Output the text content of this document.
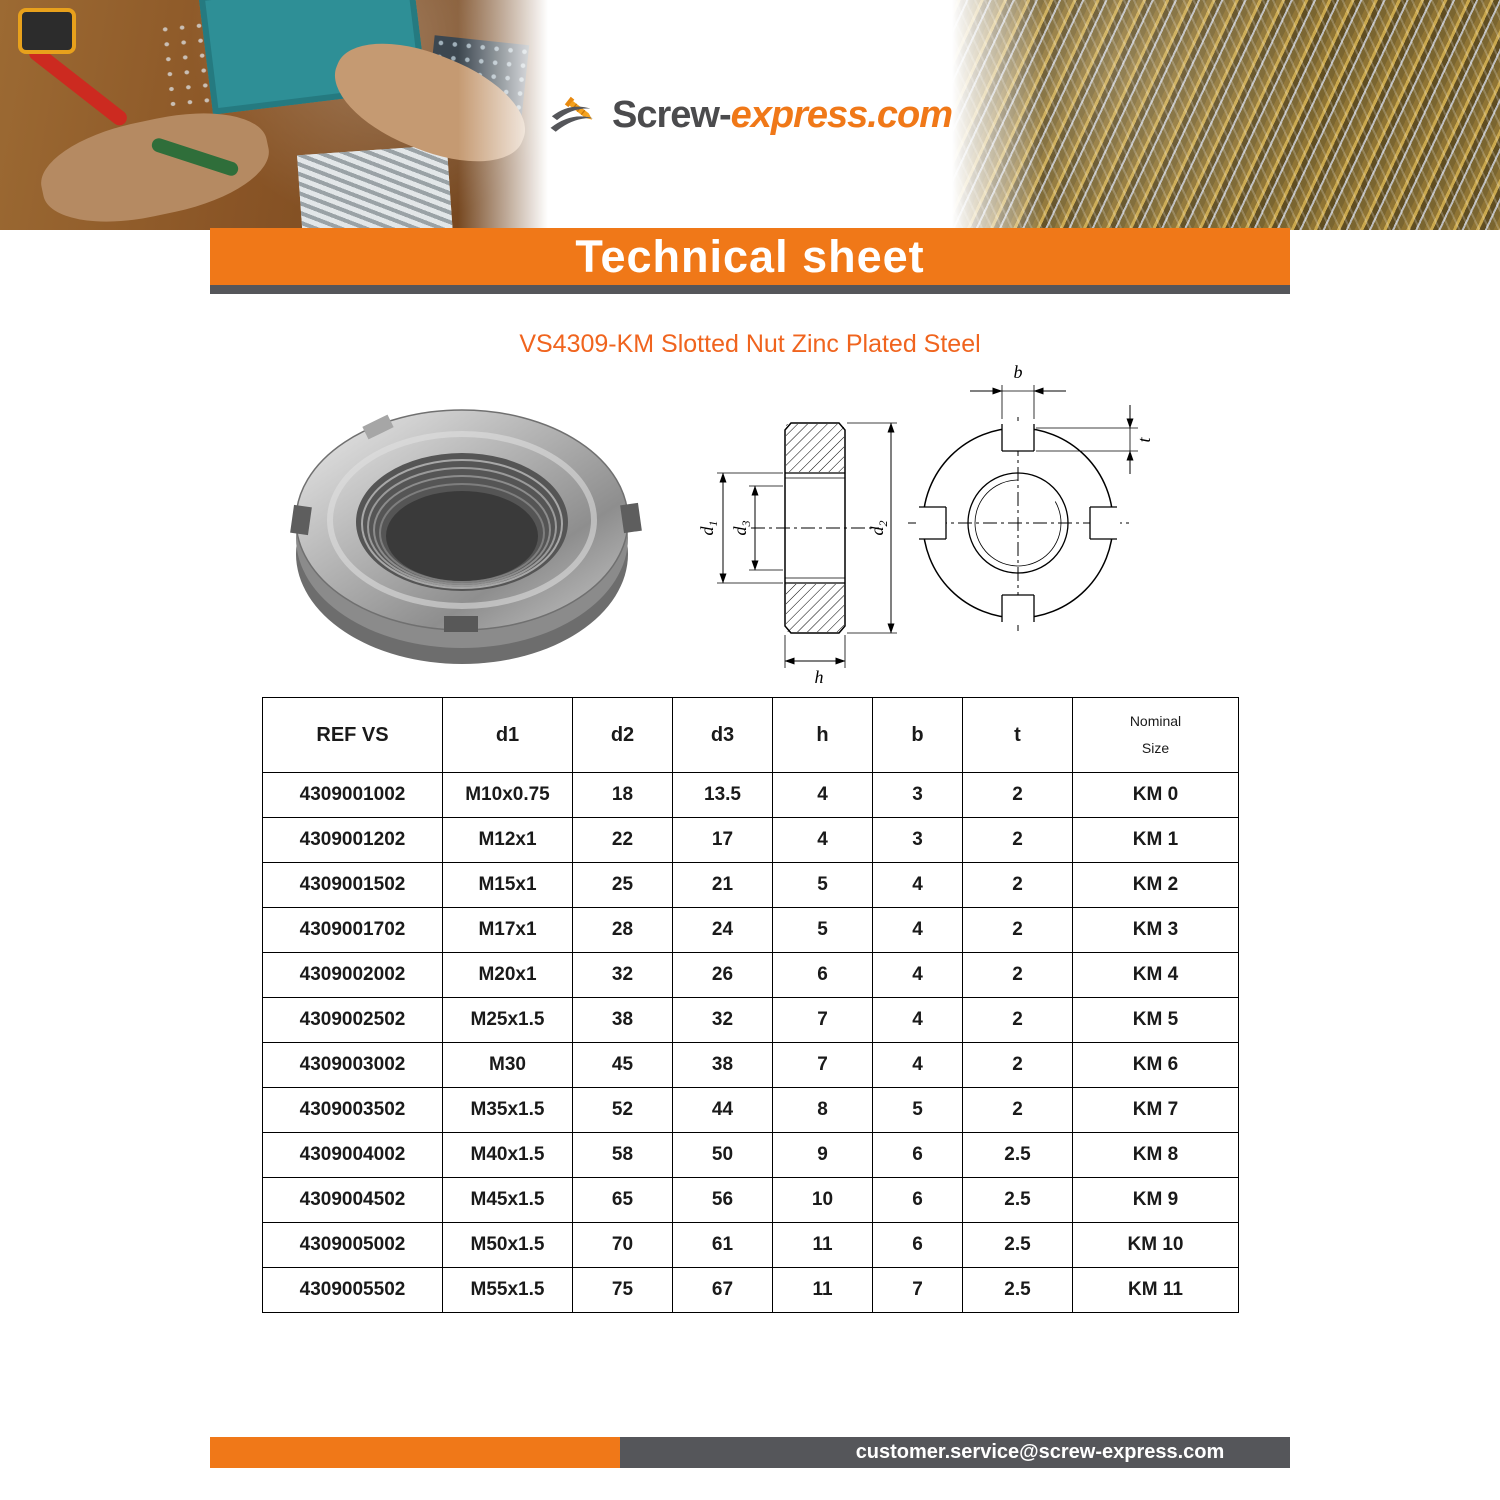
Screw-express.com
Technical sheet
VS4309-KM Slotted Nut Zinc Plated Steel
$d_1$
$d_3$
$d_2$
h
b
t
REF VS	d1	d2	d3	h	b	t	Nominal
Size

4309001002	M10x0.75	18	13.5	4	3	2	KM 0
4309001202	M12x1	22	17	4	3	2	KM 1
4309001502	M15x1	25	21	5	4	2	KM 2
4309001702	M17x1	28	24	5	4	2	KM 3
4309002002	M20x1	32	26	6	4	2	KM 4
4309002502	M25x1.5	38	32	7	4	2	KM 5
4309003002	M30	45	38	7	4	2	KM 6
4309003502	M35x1.5	52	44	8	5	2	KM 7
4309004002	M40x1.5	58	50	9	6	2.5	KM 8
4309004502	M45x1.5	65	56	10	6	2.5	KM 9
4309005002	M50x1.5	70	61	11	6	2.5	KM 10
4309005502	M55x1.5	75	67	11	7	2.5	KM 11
customer.service@screw-express.com
